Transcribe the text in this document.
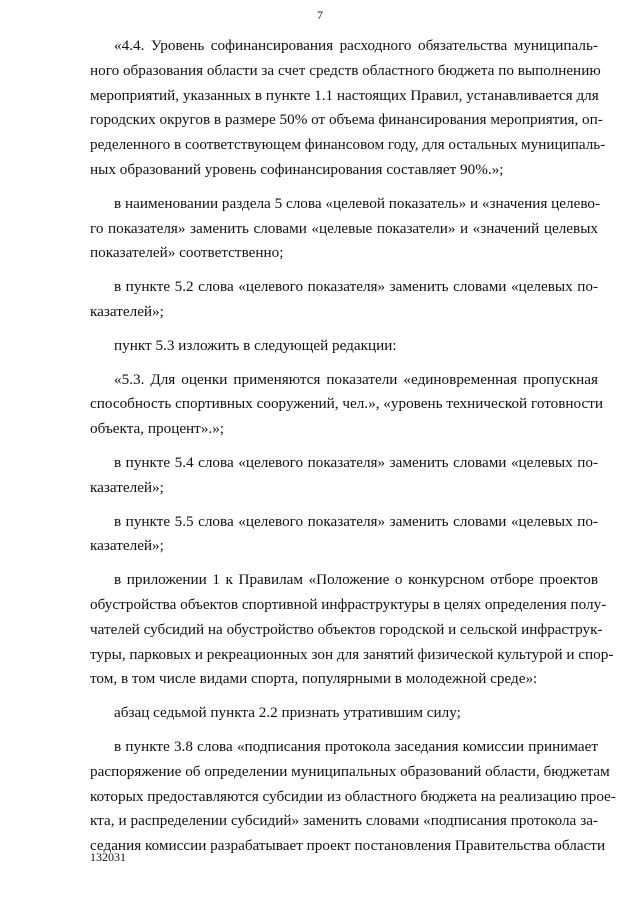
7
«4.4. Уровень софинансирования расходного обязательства муниципаль-
ного образования области за счет средств областного бюджета по выполнению
мероприятий, указанных в пункте 1.1 настоящих Правил, устанавливается для
городских округов в размере 50% от объема финансирования мероприятия, оп-
ределенного в соответствующем финансовом году, для остальных муниципаль-
ных образований уровень софинансирования составляет 90%.»;
в наименовании раздела 5 слова «целевой показатель» и «значения целево-
го показателя» заменить словами «целевые показатели» и «значений целевых
показателей» соответственно;
в пункте 5.2 слова «целевого показателя» заменить словами «целевых по-
казателей»;
пункт 5.3 изложить в следующей редакции:
«5.3. Для оценки применяются показатели «единовременная пропускная
способность спортивных сооружений, чел.», «уровень технической готовности
объекта, процент».»;
в пункте 5.4 слова «целевого показателя» заменить словами «целевых по-
казателей»;
в пункте 5.5 слова «целевого показателя» заменить словами «целевых по-
казателей»;
в приложении 1 к Правилам «Положение о конкурсном отборе проектов
обустройства объектов спортивной инфраструктуры в целях определения полу-
чателей субсидий на обустройство объектов городской и сельской инфраструк-
туры, парковых и рекреационных зон для занятий физической культурой и спор-
том, в том числе видами спорта, популярными в молодежной среде»:
абзац седьмой пункта 2.2 признать утратившим силу;
в пункте 3.8 слова «подписания протокола заседания комиссии принимает
распоряжение об определении муниципальных образований области, бюджетам
которых предоставляются субсидии из областного бюджета на реализацию проe-
кта, и распределении субсидий» заменить словами «подписания протокола за-
седания комиссии разрабатывает проект постановления Правительства области
132031
